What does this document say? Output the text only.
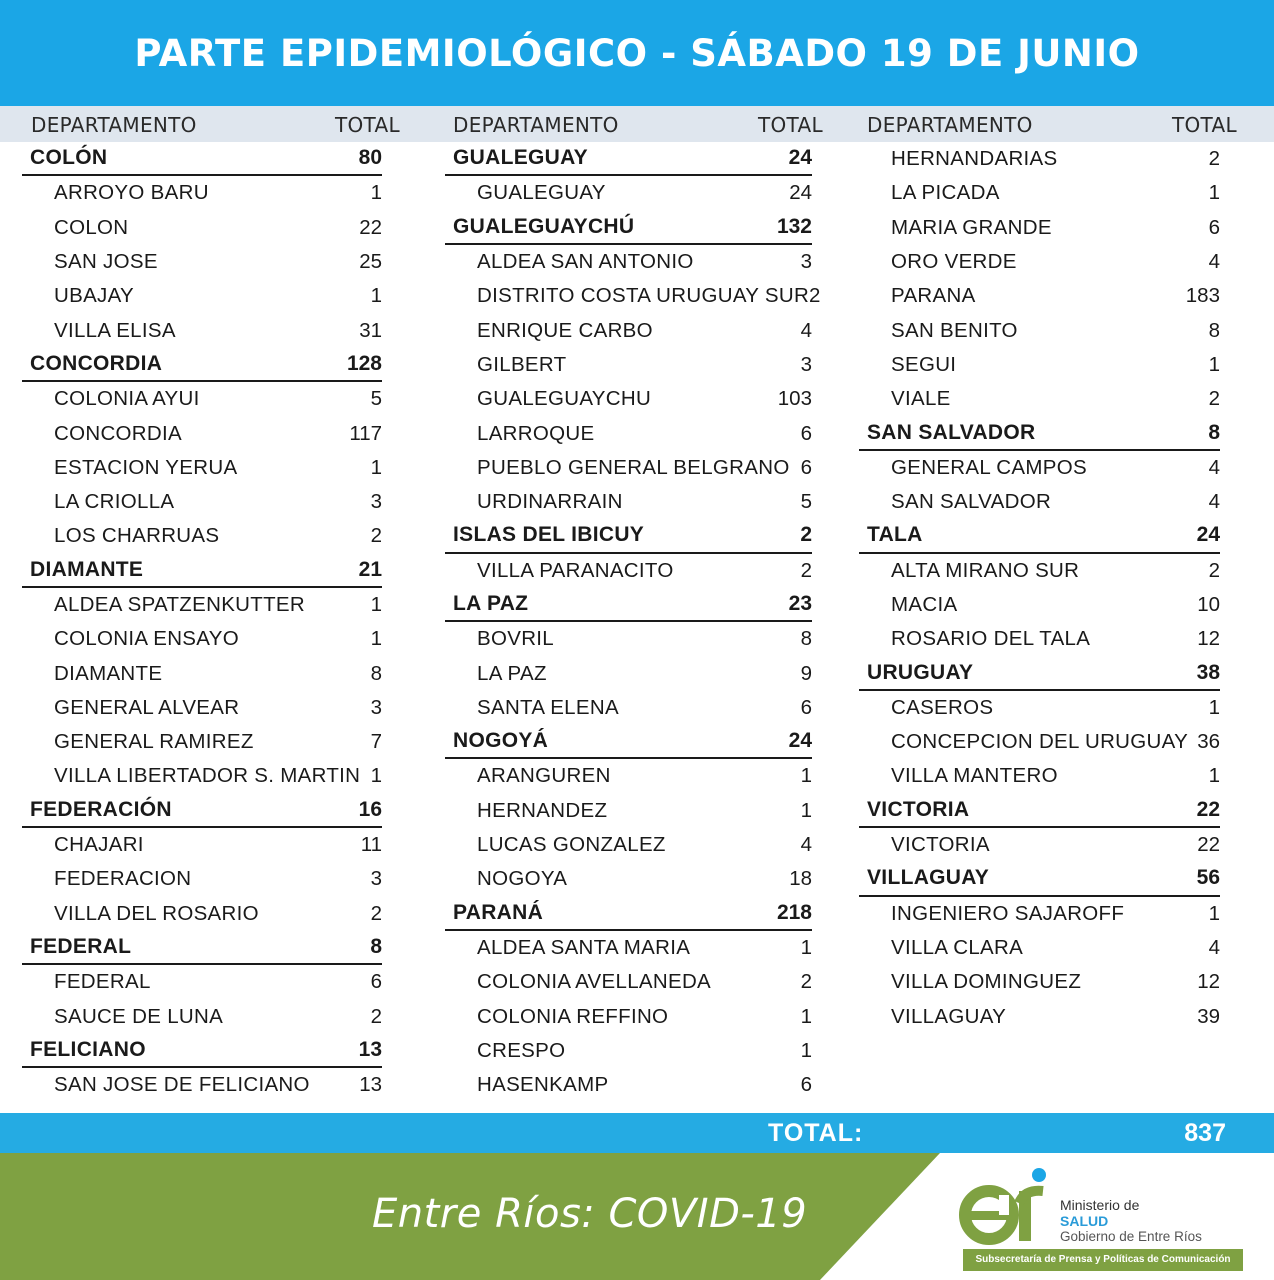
PARTE EPIDEMIOLÓGICO - SÁBADO 19 DE JUNIO
DEPARTAMENTO	TOTAL	DEPARTAMENTO	TOTAL DEPARTAMENTO	TOTAL
COLÓN	80
ARROYO BARU	1
COLON	22
SAN JOSE	25
UBAJAY	1
VILLA ELISA	31
CONCORDIA	128
COLONIA AYUI	5
CONCORDIA	117
ESTACION YERUA	1
LA CRIOLLA	3
LOS CHARRUAS	2
DIAMANTE	21
ALDEA SPATZENKUTTER	1
COLONIA ENSAYO	1
DIAMANTE	8
GENERAL ALVEAR	3
GENERAL RAMIREZ	7
VILLA LIBERTADOR S. MARTIN 1
FEDERACIÓN	16
CHAJARI	11
FEDERACION	3
VILLA DEL ROSARIO	2
FEDERAL	8
FEDERAL	6
SAUCE DE LUNA	2
FELICIANO	13
SAN JOSE DE FELICIANO 13
GUALEGUAY	24
GUALEGUAY	24
GUALEGUAYCHÚ	132
ALDEA SAN ANTONIO	3
DISTRITO COSTA URUGUAY SUR 2
ENRIQUE CARBO	4
GILBERT	3
GUALEGUAYCHU	103
LARROQUE	6
PUEBLO GENERAL BELGRANO 6
URDINARRAIN	5
ISLAS DEL IBICUY	2
VILLA PARANACITO	2
LA PAZ	23
BOVRIL	8
LA PAZ	9
SANTA ELENA	6
NOGOYÁ	24
ARANGUREN	1
HERNANDEZ	1
LUCAS GONZALEZ	4
NOGOYA	18
PARANÁ	218
ALDEA SANTA MARIA	1
COLONIA AVELLANEDA	2
COLONIA REFFINO	1
CRESPO	1
HASENKAMP	6
HERNANDARIAS	2
LA PICADA	1
MARIA GRANDE	6
ORO VERDE	4
PARANA	183
SAN BENITO	8
SEGUI	1
VIALE	2
SAN SALVADOR	8
GENERAL CAMPOS	4
SAN SALVADOR	4
TALA	24
ALTA MIRANO SUR	2
MACIA	10
ROSARIO DEL TALA	12
URUGUAY	38
CASEROS	1
CONCEPCION DEL URUGUAY 36
VILLA MANTERO	1
VICTORIA	22
VICTORIA	22
VILLAGUAY	56
INGENIERO SAJAROFF	1
VILLA CLARA	4
VILLA DOMINGUEZ	12
VILLAGUAY	39
TOTAL:	837
Entre Ríos: COVID-19	Ministerio de
SALUD
Gobierno de Entre Ríos
Subsecretaría de Prensa y Políticas de Comunicación
